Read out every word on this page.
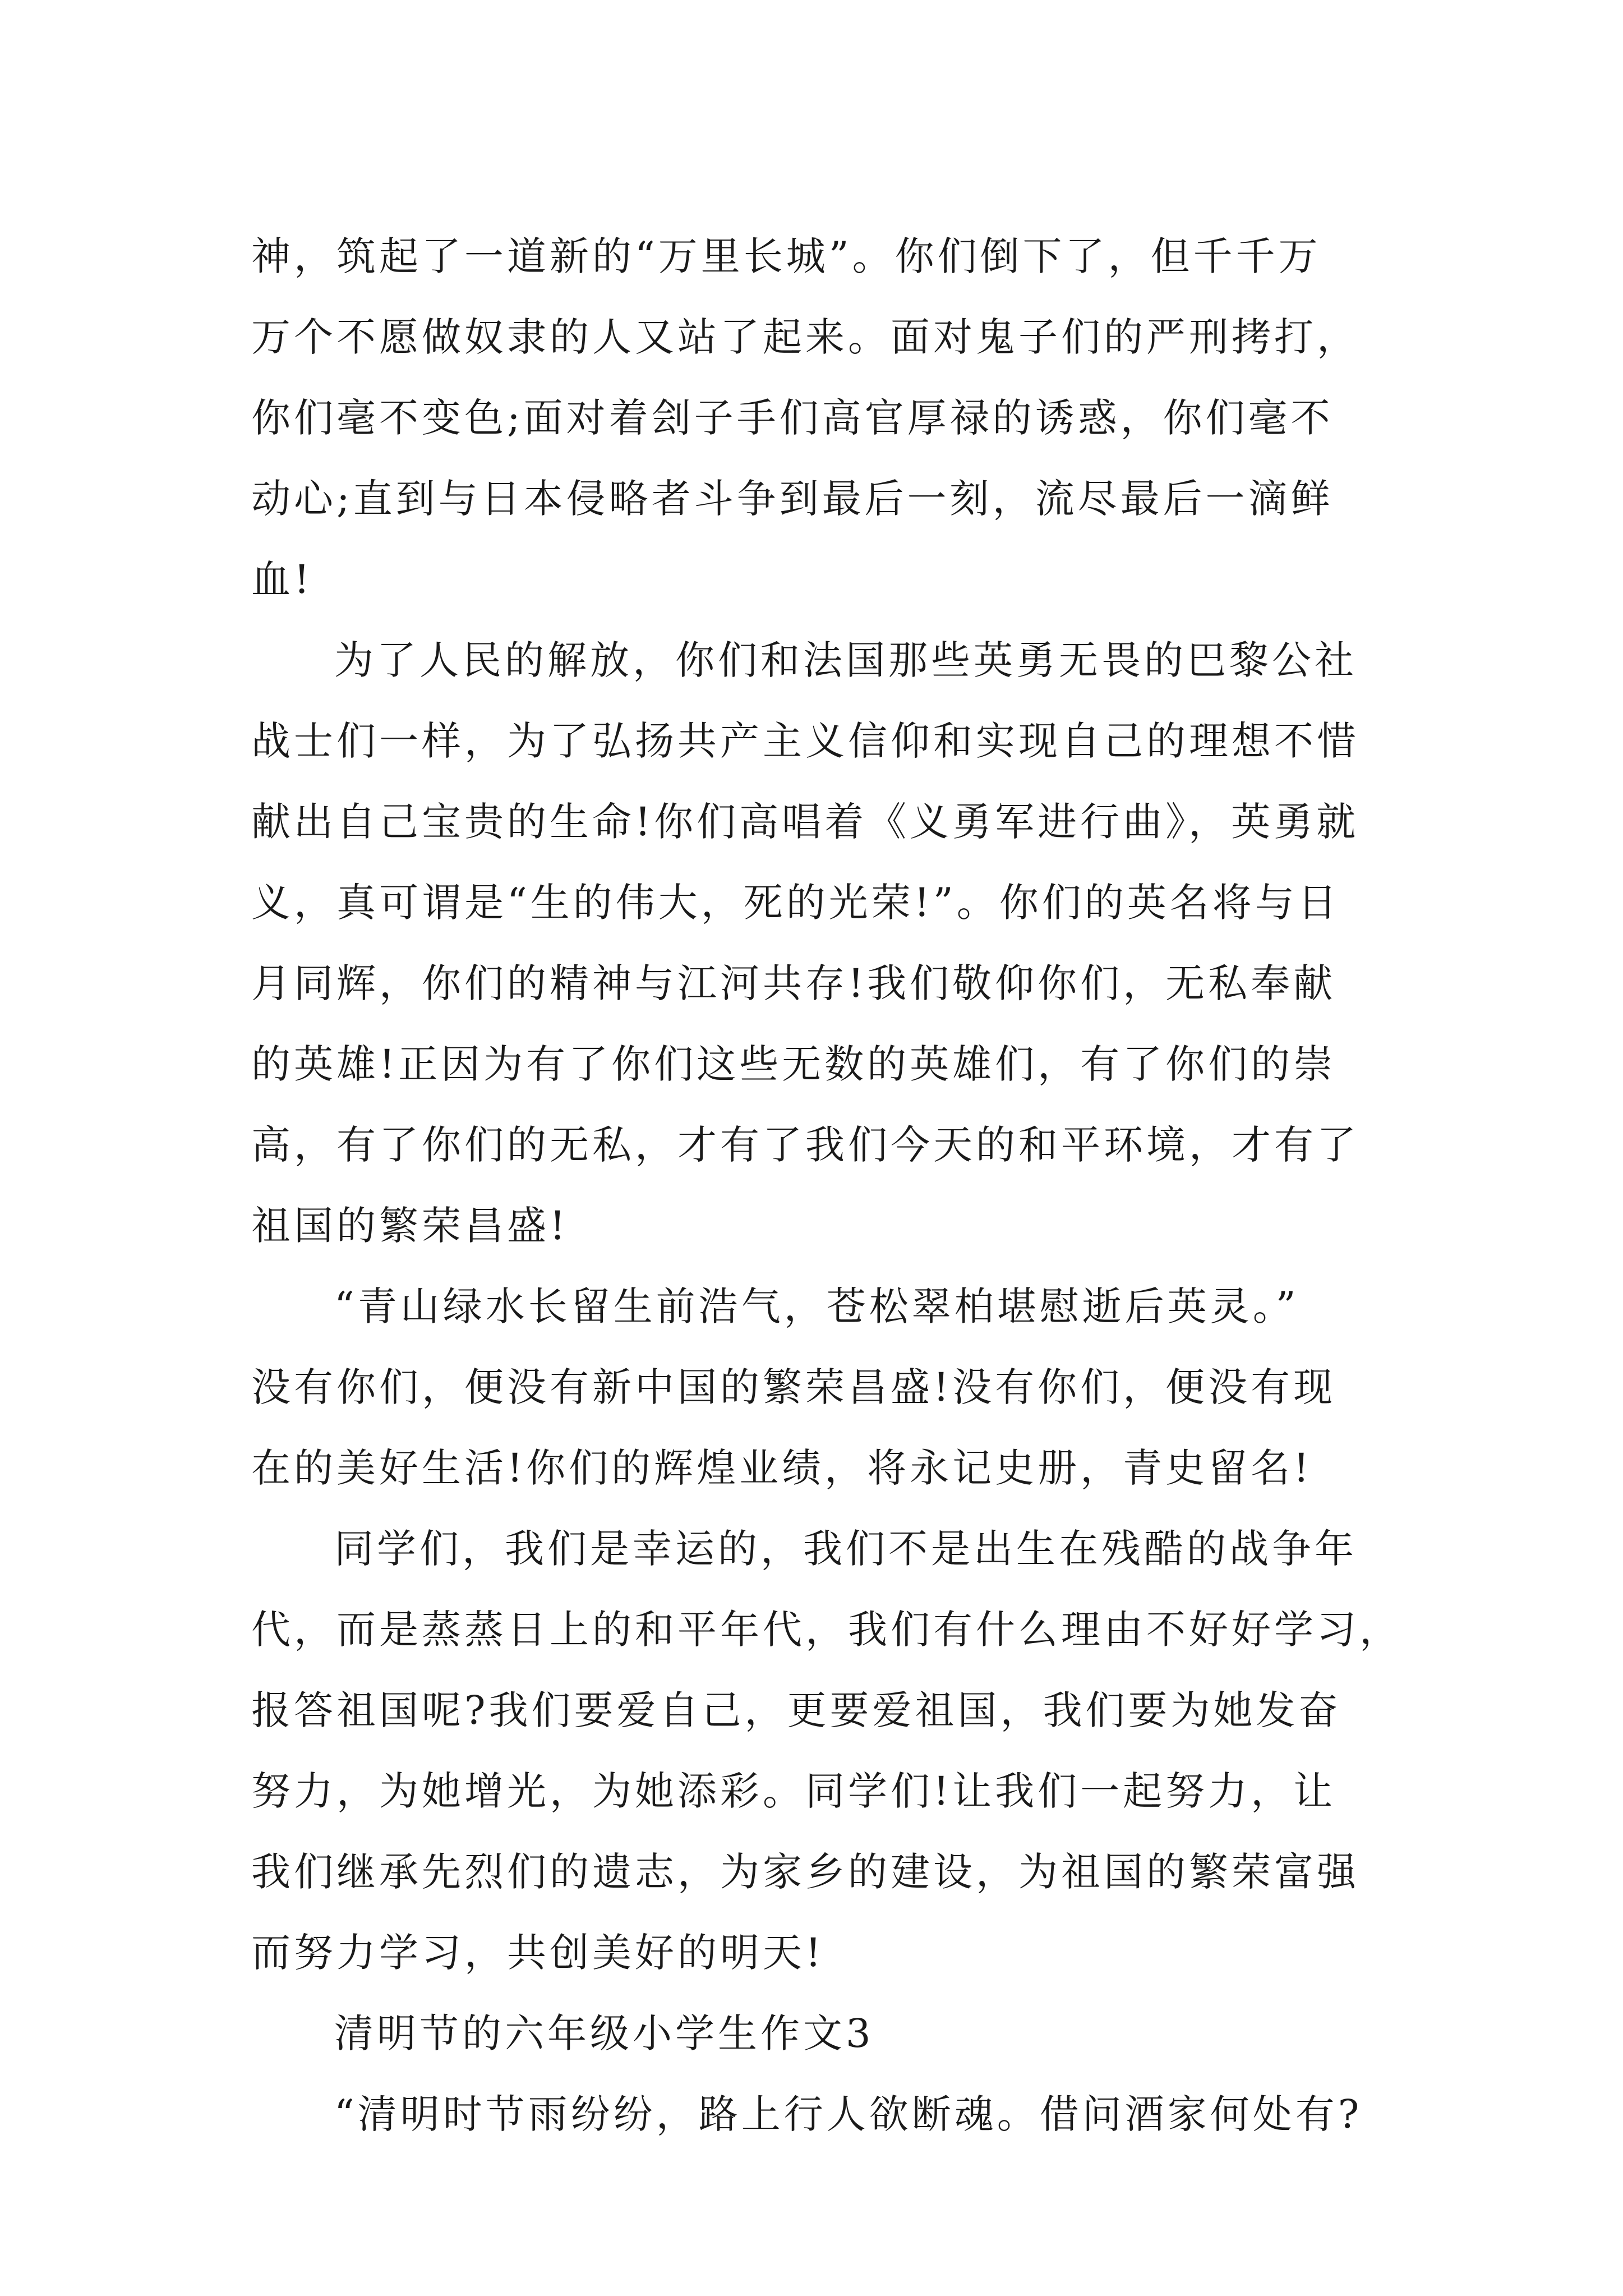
神，筑起了一道新的“万里长城”。你们倒下了，但千千万
万个不愿做奴隶的人又站了起来。面对鬼子们的严刑拷打，
你们毫不变色;面对着刽子手们高官厚禄的诱惑，你们毫不
动心;直到与日本侵略者斗争到最后一刻，流尽最后一滴鲜
血!
为了人民的解放，你们和法国那些英勇无畏的巴黎公社
战士们一样，为了弘扬共产主义信仰和实现自己的理想不惜
献出自己宝贵的生命!你们高唱着《义勇军进行曲》，英勇就
义，真可谓是“生的伟大，死的光荣!”。你们的英名将与日
月同辉，你们的精神与江河共存!我们敬仰你们，无私奉献
的英雄!正因为有了你们这些无数的英雄们，有了你们的崇
高，有了你们的无私，才有了我们今天的和平环境，才有了
祖国的繁荣昌盛!
“青山绿水长留生前浩气，苍松翠柏堪慰逝后英灵。”
没有你们，便没有新中国的繁荣昌盛!没有你们，便没有现
在的美好生活!你们的辉煌业绩，将永记史册，青史留名!
同学们，我们是幸运的，我们不是出生在残酷的战争年
代，而是蒸蒸日上的和平年代，我们有什么理由不好好学习，
报答祖国呢?我们要爱自己，更要爱祖国，我们要为她发奋
努力，为她增光，为她添彩。同学们!让我们一起努力，让
我们继承先烈们的遗志，为家乡的建设，为祖国的繁荣富强
而努力学习，共创美好的明天!
清明节的六年级小学生作文3
“清明时节雨纷纷，路上行人欲断魂。借问酒家何处有?
